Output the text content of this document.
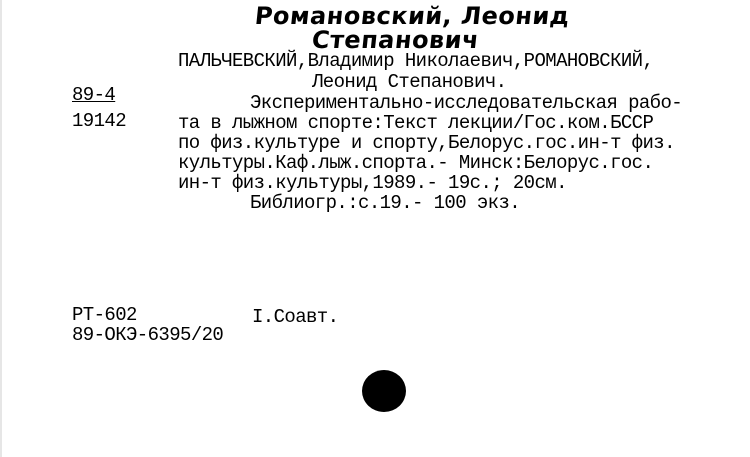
Романовский, Леонид
Степанович
89-4
19142
ПАЛЬЧЕВСКИЙ,Владимир Николаевич,РОМАНОВСКИЙ,
Леонид Степанович.
Экспериментально-исследовательская рабо-
та в лыжном спорте:Текст лекции/Гос.ком.БССР
по физ.культуре и спорту,Белорус.гос.ин-т физ.
культуры.Каф.лыж.спорта.- Минск:Белорус.гос.
ин-т физ.культуры,1989.- 19с.; 20см.
Библиогр.:с.19.- 100 экз.
РТ-602
89-ОКЭ-6395/20
I.Соавт.
